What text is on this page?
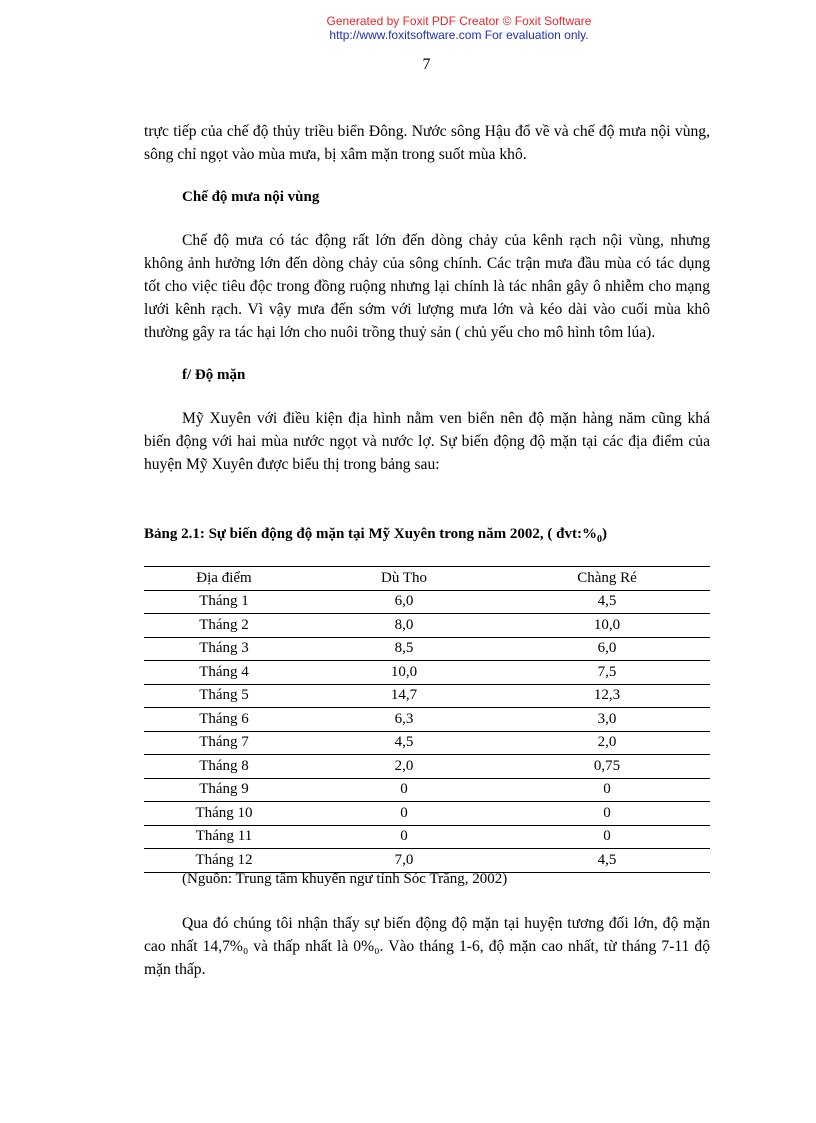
Generated by Foxit PDF Creator © Foxit Software
http://www.foxitsoftware.com For evaluation only.
7

trực tiếp của chế độ thủy triều biển Đông. Nước sông Hậu đổ về và chế độ mưa nội vùng, sông chỉ ngọt vào mùa mưa, bị xâm mặn trong suốt mùa khô.

Chế độ mưa nội vùng

Chế độ mưa có tác động rất lớn đến dòng chảy của kênh rạch nội vùng, nhưng không ảnh hưởng lớn đến dòng chảy của sông chính. Các trận mưa đầu mùa có tác dụng tốt cho việc tiêu độc trong đồng ruộng nhưng lại chính là tác nhân gây ô nhiễm cho mạng lưới kênh rạch. Vì vậy mưa đến sớm với lượng mưa lớn và kéo dài vào cuối mùa khô thường gây ra tác hại lớn cho nuôi trồng thuỷ sản ( chủ yếu cho mô hình tôm lúa).

f/ Độ mặn

Mỹ Xuyên với điều kiện địa hình nằm ven biển nên độ mặn hàng năm cũng khá biến động với hai mùa nước ngọt và nước lợ. Sự biến động độ mặn tại các địa điểm của huyện Mỹ Xuyên được biểu thị trong bảng sau:

Bảng 2.1: Sự biến động độ mặn tại Mỹ Xuyên trong năm 2002, ( $đvt:\%_0$)
Địa điểm	Dù Tho	Chàng Ré
Tháng 1	6,0	4,5
Tháng 2	8,0	10,0
Tháng 3	8,5	6,0
Tháng 4	10,0	7,5
Tháng 5	14,7	12,3
Tháng 6	6,3	3,0
Tháng 7	4,5	2,0
Tháng 8	2,0	0,75
Tháng 9	0	0
Tháng 10	0	0
Tháng 11	0	0
Tháng 12	7,0	4,5
(Nguồn: Trung tâm khuyến ngư tỉnh Sóc Trăng, 2002)

Qua đó chúng tôi nhận thấy sự biến động độ mặn tại huyện tương đối lớn, độ mặn cao nhất 14,7%₀ và thấp nhất là 0%₀. Vào tháng 1-6, độ mặn cao nhất, từ tháng 7-11 độ mặn thấp.
